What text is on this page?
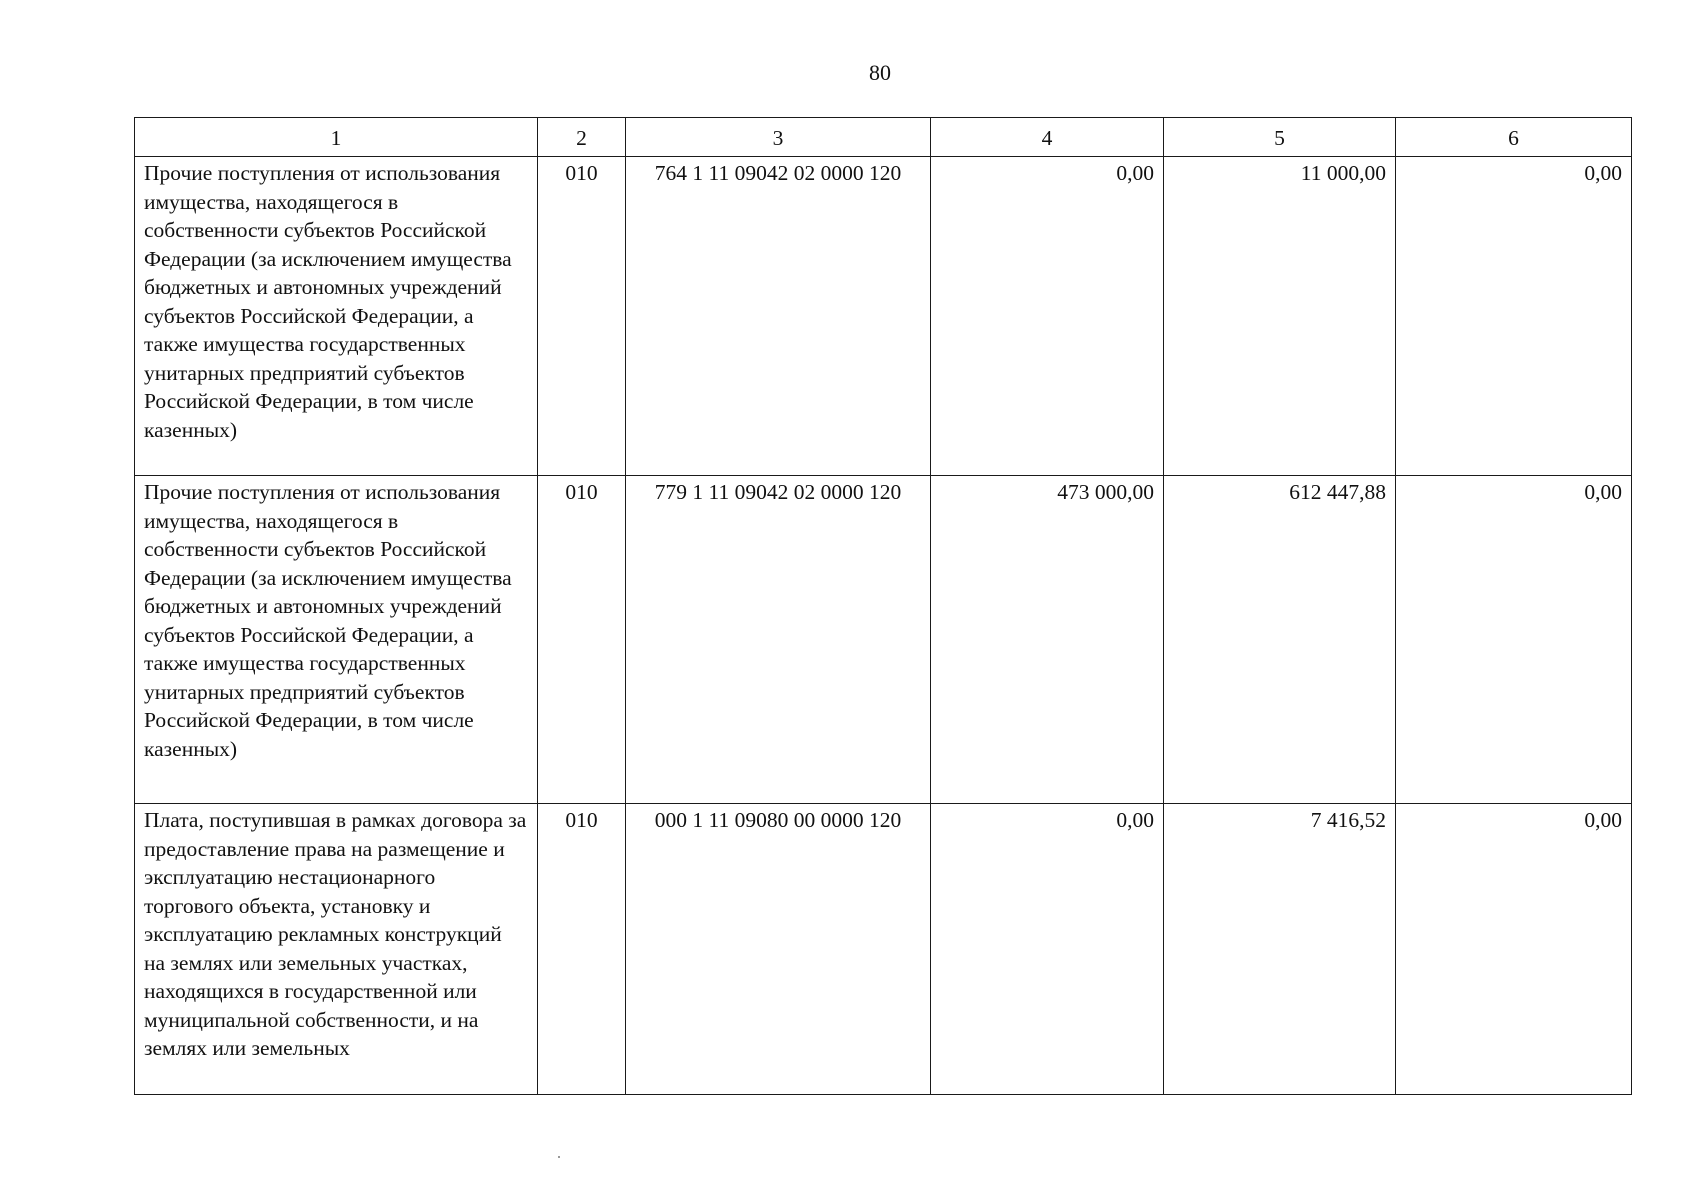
80
1	2	3	4	5	6

Прочие поступления от использования имущества, находящегося в собственности субъектов Российской Федерации (за исключением имущества бюджетных и автономных учреждений субъектов Российской Федерации, а также имущества государственных унитарных предприятий субъектов Российской Федерации, в том числе казенных)	010	764 1 11 09042 02 0000 120	0,00	11 000,00	0,00

Прочие поступления от использования имущества, находящегося в собственности субъектов Российской Федерации (за исключением имущества бюджетных и автономных учреждений субъектов Российской Федерации, а также имущества государственных унитарных предприятий субъектов Российской Федерации, в том числе казенных)	010	779 1 11 09042 02 0000 120	473 000,00	612 447,88	0,00

Плата, поступившая в рамках договора за предоставление права на размещение и эксплуатацию нестационарного торгового объекта, установку и эксплуатацию рекламных конструкций на землях или земельных участках, находящихся в государственной или муниципальной собственности, и на землях или земельных	010	000 1 11 09080 00 0000 120	0,00	7 416,52	0,00
